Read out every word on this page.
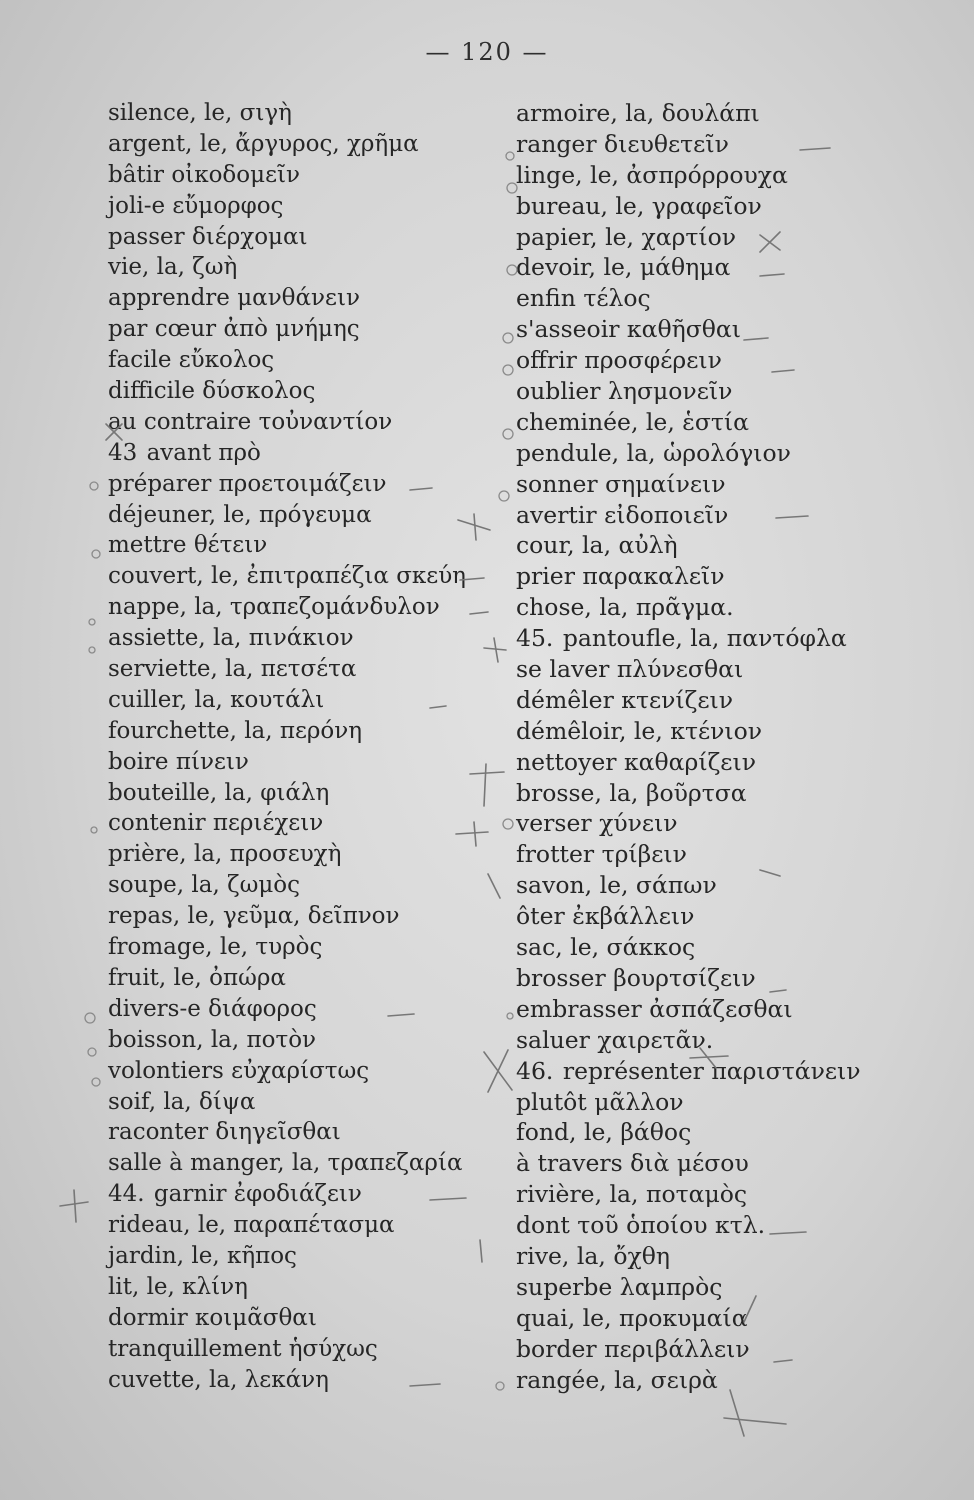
— 120 —
silence, le, σιγὴ
argent, le, ἄργυρος, χρῆμα
bâtir οἰκοδομεῖν
joli-e εὔμορφος
passer διέρχομαι
vie, la, ζωὴ
apprendre μανθάνειν
par cœur ἀπὸ μνήμης
facile εὔκολος
difficile δύσκολος
au contraire τοὐναντίον
43 avant πρὸ
préparer προετοιμάζειν
déjeuner, le, πρόγευμα
mettre θέτειν
couvert, le, ἐπιτραπέζια σκεύη
nappe, la, τραπεζομάνδυλον
assiette, la, πινάκιον
serviette, la, πετσέτα
cuiller, la, κουτάλι
fourchette, la, περόνη
boire πίνειν
bouteille, la, φιάλη
contenir περιέχειν
prière, la, προσευχὴ
soupe, la, ζωμὸς
repas, le, γεῦμα, δεῖπνον
fromage, le, τυρὸς
fruit, le, ὀπώρα
divers-e διάφορος
boisson, la, ποτὸν
volontiers εὐχαρίστως
soif, la, δίψα
raconter διηγεῖσθαι
salle à manger, la, τραπεζαρία
44. garnir ἐφοδιάζειν
rideau, le, παραπέτασμα
jardin, le, κῆπος
lit, le, κλίνη
dormir κοιμᾶσθαι
tranquillement ἡσύχως
cuvette, la, λεκάνη
armoire, la, δουλάπι
ranger διευθετεῖν
linge, le, ἀσπρόρρουχα
bureau, le, γραφεῖον
papier, le, χαρτίον
devoir, le, μάθημα
enfin τέλος
s'asseoir καθῆσθαι
offrir προσφέρειν
oublier λησμονεῖν
cheminée, le, ἑστία
pendule, la, ὡρολόγιον
sonner σημαίνειν
avertir εἰδοποιεῖν
cour, la, αὐλὴ
prier παρακαλεῖν
chose, la, πρᾶγμα.
45. pantoufle, la, παντόφλα
se laver πλύνεσθαι
démêler κτενίζειν
démêloir, le, κτένιον
nettoyer καθαρίζειν
brosse, la, βοῦρτσα
verser χύνειν
frotter τρίβειν
savon, le, σάπων
ôter ἐκβάλλειν
sac, le, σάκκος
brosser βουρτσίζειν
embrasser ἀσπάζεσθαι
saluer χαιρετᾶν.
46. représenter παριστάνειν
plutôt μᾶλλον
fond, le, βάθος
à travers διὰ μέσου
rivière, la, ποταμὸς
dont τοῦ ὁποίου κτλ.
rive, la, ὄχθη
superbe λαμπρὸς
quai, le, προκυμαία
border περιβάλλειν
rangée, la, σειρὰ
